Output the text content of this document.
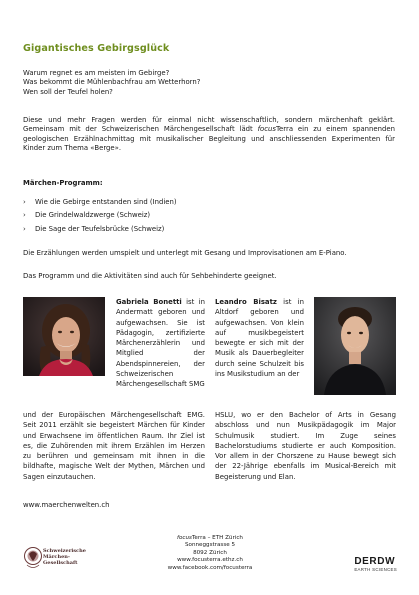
Gigantisches Gebirgsglück
Warum regnet es am meisten im Gebirge?
Was bekommt die Mühlenbachfrau am Wetterhorn?
Wen soll der Teufel holen?

Diese und mehr Fragen werden für einmal nicht wissenschaftlich, sondern märchenhaft geklärt. Gemeinsam mit der Schweizerischen Märchengesellschaft lädt focusTerra ein zu einem spannenden geologischen Erzählnachmittag mit musikalischer Begleitung und anschliessenden Experimenten für Kinder zum Thema «Berge».

Märchen-Programm:
› Wie die Gebirge entstanden sind (Indien)
› Die Grindelwaldzwerge (Schweiz)
› Die Sage der Teufelsbrücke (Schweiz)

Die Erzählungen werden umspielt und unterlegt mit Gesang und Improvisationen am E-Piano.

Das Programm und die Aktivitäten sind auch für Sehbehinderte geeignet.

Gabriela Bonetti ist in Andermatt geboren und aufgewachsen. Sie ist Pädagogin, zertifizierte Märchenerzählerin und Mitglied der Abendspinnereien, der Schweizerischen Märchengesellschaft SMG

und der Europäischen Märchengesellschaft EMG. Seit 2011 erzählt sie begeistert Märchen für Kinder und Erwachsene im öffentlichen Raum. Ihr Ziel ist es, die Zuhörenden mit ihrem Erzählen im Herzen zu berühren und gemeinsam mit ihnen in die bildhafte, magische Welt der Mythen, Märchen und Sagen einzutauchen.

Leandro Bisatz ist in Altdorf geboren und aufgewachsen. Von klein auf musikbegeistert bewegte er sich mit der Musik als Dauerbegleiter durch seine Schulzeit bis ins Musikstudium an der

HSLU, wo er den Bachelor of Arts in Gesang abschloss und nun Musikpädagogik im Major Schulmusik studiert. Im Zuge seines Bachelorstudiums studierte er auch Komposition. Vor allem in der Chorszene zu Hause bewegt sich der 22-Jährige ebenfalls im Musical-Bereich mit Begeisterung und Elan.

www.maerchenwelten.ch
Schweizerische
Märchen-
Gesellschaft
focusTerra – ETH Zürich
Sonneggstrasse 5
8092 Zürich
www.focusterra.ethz.ch
www.facebook.com/focusterra
DERDW
EARTH SCIENCES
